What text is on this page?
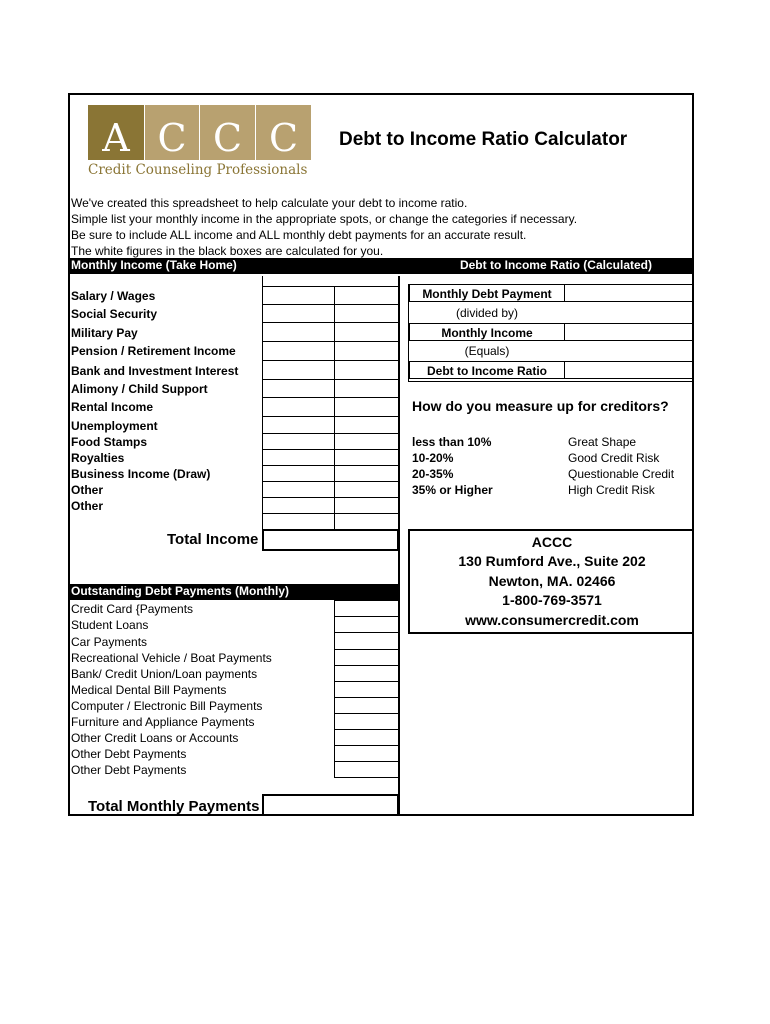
A C C C
Credit Counseling Professionals
Debt to Income Ratio Calculator
We've created this spreadsheet to help calculate your debt to income ratio.
Simple list your monthly income in the appropriate spots, or change the categories if necessary.
Be sure to include ALL income and ALL monthly debt payments for an accurate result.
The white figures in the black boxes are calculated for you.
Monthly Income (Take Home)	Debt to Income Ratio (Calculated)
Salary / Wages
Social Security
Military Pay
Pension / Retirement Income
Bank and Investment Interest
Alimony / Child Support
Rental Income
Unemployment
Food Stamps
Royalties
Business Income (Draw)
Other
Other
Total Income
Outstanding Debt Payments (Monthly)
Credit Card {Payments
Student Loans
Car Payments
Recreational Vehicle / Boat Payments
Bank/ Credit Union/Loan payments
Medical Dental Bill Payments
Computer / Electronic Bill Payments
Furniture and Appliance Payments
Other Credit Loans or Accounts
Other Debt Payments
Other Debt Payments
Total Monthly Payments
Monthly Debt Payment
(divided by)
Monthly Income
(Equals)
Debt to Income Ratio
How do you measure up for creditors?
less than 10%	Great Shape
10-20%	Good Credit Risk
20-35%	Questionable Credit
35% or Higher	High Credit Risk
ACCC
130 Rumford Ave., Suite 202
Newton, MA. 02466
1-800-769-3571
www.consumercredit.com
